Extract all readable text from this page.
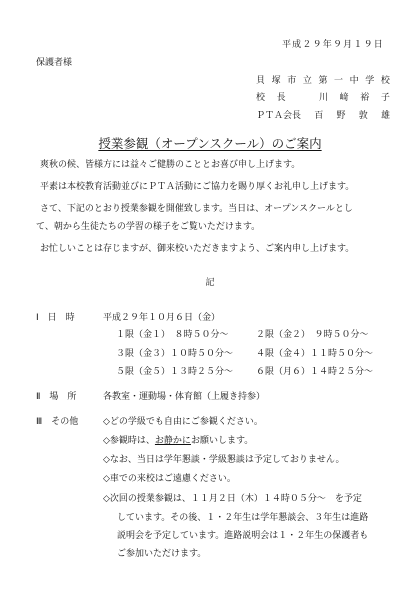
平成２９年９月１９日
保護者様
貝 塚 市 立 第 一 中 学 校
校 長	川 﨑 裕 子
ＰＴＡ会長 百 野 敦 雄
授業参観（オープンスクール）のご案内
爽秋の候、皆様方には益々ご健勝のこととお喜び申し上げます。
平素は本校教育活動並びにＰＴＡ活動にご協力を賜り厚くお礼申し上げます。
さて、下記のとおり授業参観を開催致します。当日は、オープンスクールとし
て、朝から生徒たちの学習の様子をご覧いただけます。
お忙しいことは存じますが、御来校いただきますよう、ご案内申し上げます。
記
Ⅰ　日　時	平成２９年１０月６日（金）
１限（金１）　８時５０分～	２限（金２）　９時５０分～
３限（金３）１０時５０分～	４限（金４）１１時５０分～
５限（金５）１３時２５分～	６限（月６）１４時２５分～
Ⅱ　場　所	各教室・運動場・体育館（上履き持参）
Ⅲ　その他	◇どの学級でも自由にご参観ください。
◇参観時は、お静かにお願いします。
◇なお、当日は学年懇談・学級懇談は予定しておりません。
◇車での来校はご遠慮ください。
◇次回の授業参観は、１１月２日（木）１４時０５分～　を予定
しています。その後、１・２年生は学年懇談会、３年生は進路
説明会を予定しています。進路説明会は１・２年生の保護者も
ご参加いただけます。
